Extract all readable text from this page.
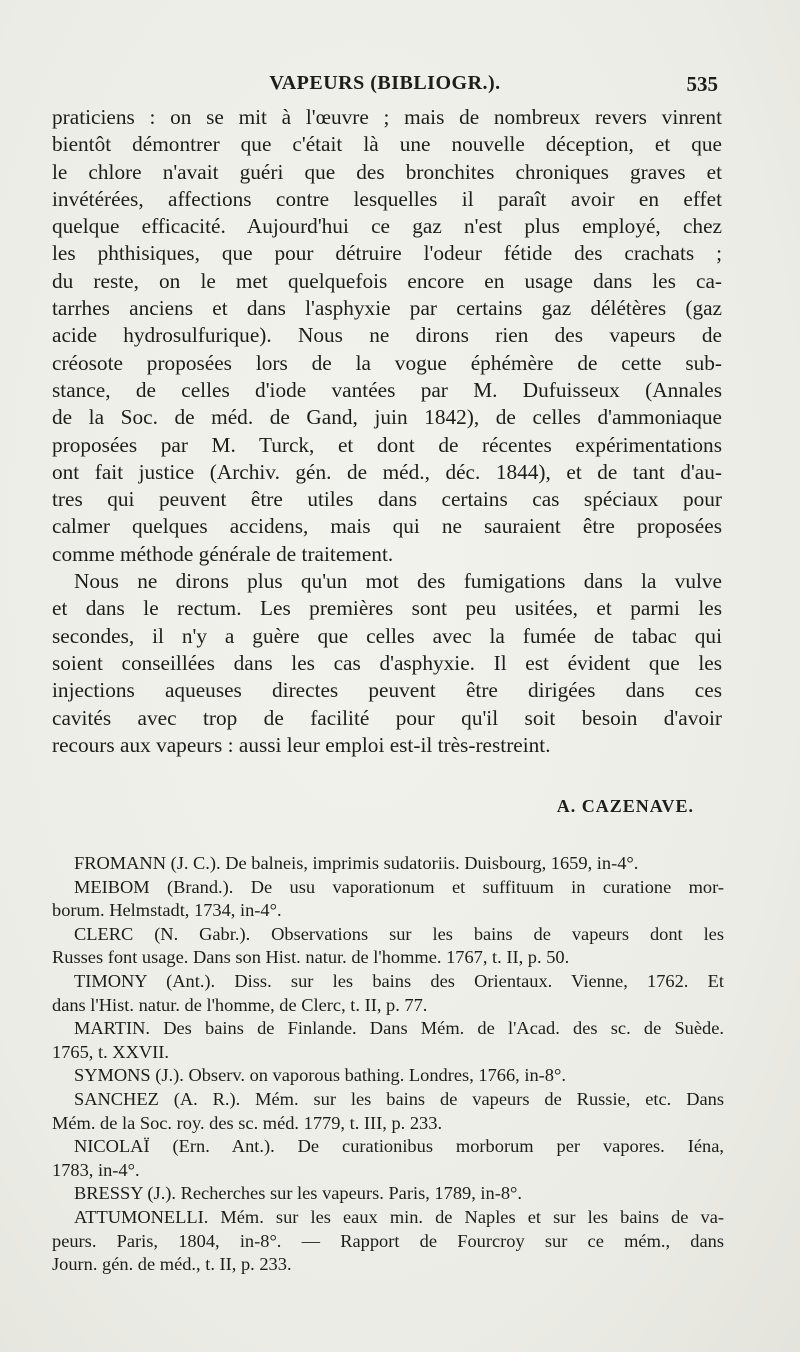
VAPEURS (BIBLIOGR.).	535

praticiens : on se mit à l'œuvre ; mais de nombreux revers vinrent
bientôt démontrer que c'était là une nouvelle déception, et que
le chlore n'avait guéri que des bronchites chroniques graves et
invétérées, affections contre lesquelles il paraît avoir en effet
quelque efficacité. Aujourd'hui ce gaz n'est plus employé, chez
les phthisiques, que pour détruire l'odeur fétide des crachats ;
du reste, on le met quelquefois encore en usage dans les ca-
tarrhes anciens et dans l'asphyxie par certains gaz délétères (gaz
acide hydrosulfurique). Nous ne dirons rien des vapeurs de
créosote proposées lors de la vogue éphémère de cette sub-
stance, de celles d'iode vantées par M. Dufuisseux (Annales
de la Soc. de méd. de Gand, juin 1842), de celles d'ammoniaque
proposées par M. Turck, et dont de récentes expérimentations
ont fait justice (Archiv. gén. de méd., déc. 1844), et de tant d'au-
tres qui peuvent être utiles dans certains cas spéciaux pour
calmer quelques accidens, mais qui ne sauraient être proposées
comme méthode générale de traitement.

Nous ne dirons plus qu'un mot des fumigations dans la vulve
et dans le rectum. Les premières sont peu usitées, et parmi les
secondes, il n'y a guère que celles avec la fumée de tabac qui
soient conseillées dans les cas d'asphyxie. Il est évident que les
injections aqueuses directes peuvent être dirigées dans ces
cavités avec trop de facilité pour qu'il soit besoin d'avoir
recours aux vapeurs : aussi leur emploi est-il très-restreint.

A. CAZENAVE.

FROMANN (J. C.). De balneis, imprimis sudatoriis. Duisbourg, 1659, in-4°.

MEIBOM (Brand.). De usu vaporationum et suffituum in curatione mor-
borum. Helmstadt, 1734, in-4°.

CLERC (N. Gabr.). Observations sur les bains de vapeurs dont les
Russes font usage. Dans son Hist. natur. de l'homme. 1767, t. II, p. 50.

TIMONY (Ant.). Diss. sur les bains des Orientaux. Vienne, 1762. Et
dans l'Hist. natur. de l'homme, de Clerc, t. II, p. 77.

MARTIN. Des bains de Finlande. Dans Mém. de l'Acad. des sc. de Suède.
1765, t. XXVII.

SYMONS (J.). Observ. on vaporous bathing. Londres, 1766, in-8°.

SANCHEZ (A. R.). Mém. sur les bains de vapeurs de Russie, etc. Dans
Mém. de la Soc. roy. des sc. méd. 1779, t. III, p. 233.

NICOLAÏ (Ern. Ant.). De curationibus morborum per vapores. Iéna,
1783, in-4°.

BRESSY (J.). Recherches sur les vapeurs. Paris, 1789, in-8°.

ATTUMONELLI. Mém. sur les eaux min. de Naples et sur les bains de va-
peurs. Paris, 1804, in-8°. — Rapport de Fourcroy sur ce mém., dans
Journ. gén. de méd., t. II, p. 233.
